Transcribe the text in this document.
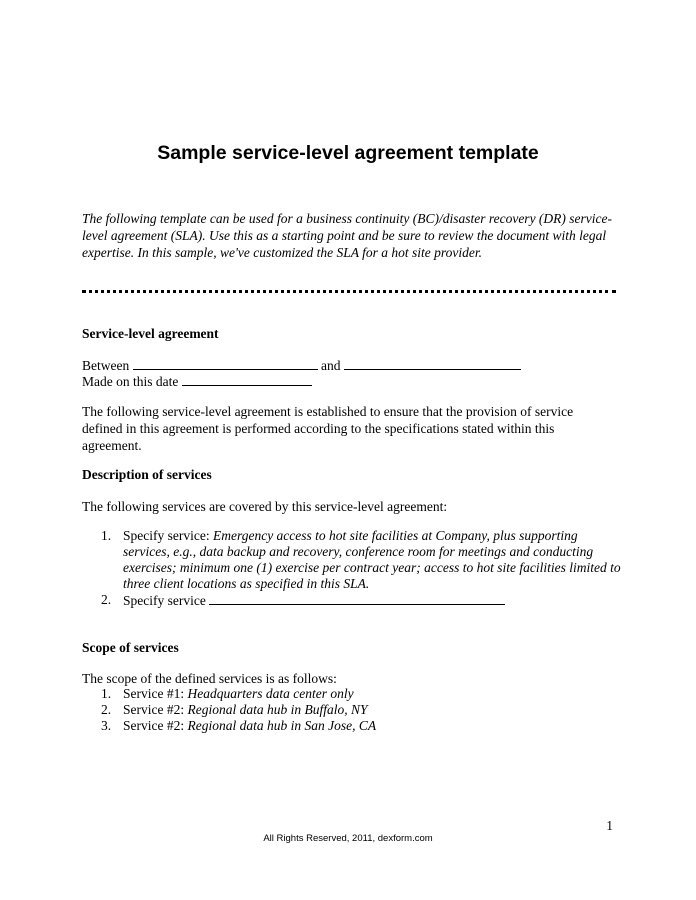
Sample service-level agreement template

The following template can be used for a business continuity (BC)/disaster recovery (DR) service-level agreement (SLA). Use this as a starting point and be sure to review the document with legal expertise. In this sample, we've customized the SLA for a hot site provider.

Service-level agreement

Between	and

Made on this date

The following service-level agreement is established to ensure that the provision of service defined in this agreement is performed according to the specifications stated within this agreement.

Description of services

The following services are covered by this service-level agreement:

1. Specify service: Emergency access to hot site facilities at Company, plus supporting services, e.g., data backup and recovery, conference room for meetings and conducting exercises; minimum one (1) exercise per contract year; access to hot site facilities limited to three client locations as specified in this SLA.
2. Specify service

Scope of services

The scope of the defined services is as follows:

1. Service #1: Headquarters data center only
2. Service #2: Regional data hub in Buffalo, NY
3. Service #2: Regional data hub in San Jose, CA
1
All Rights Reserved, 2011, dexform.com
